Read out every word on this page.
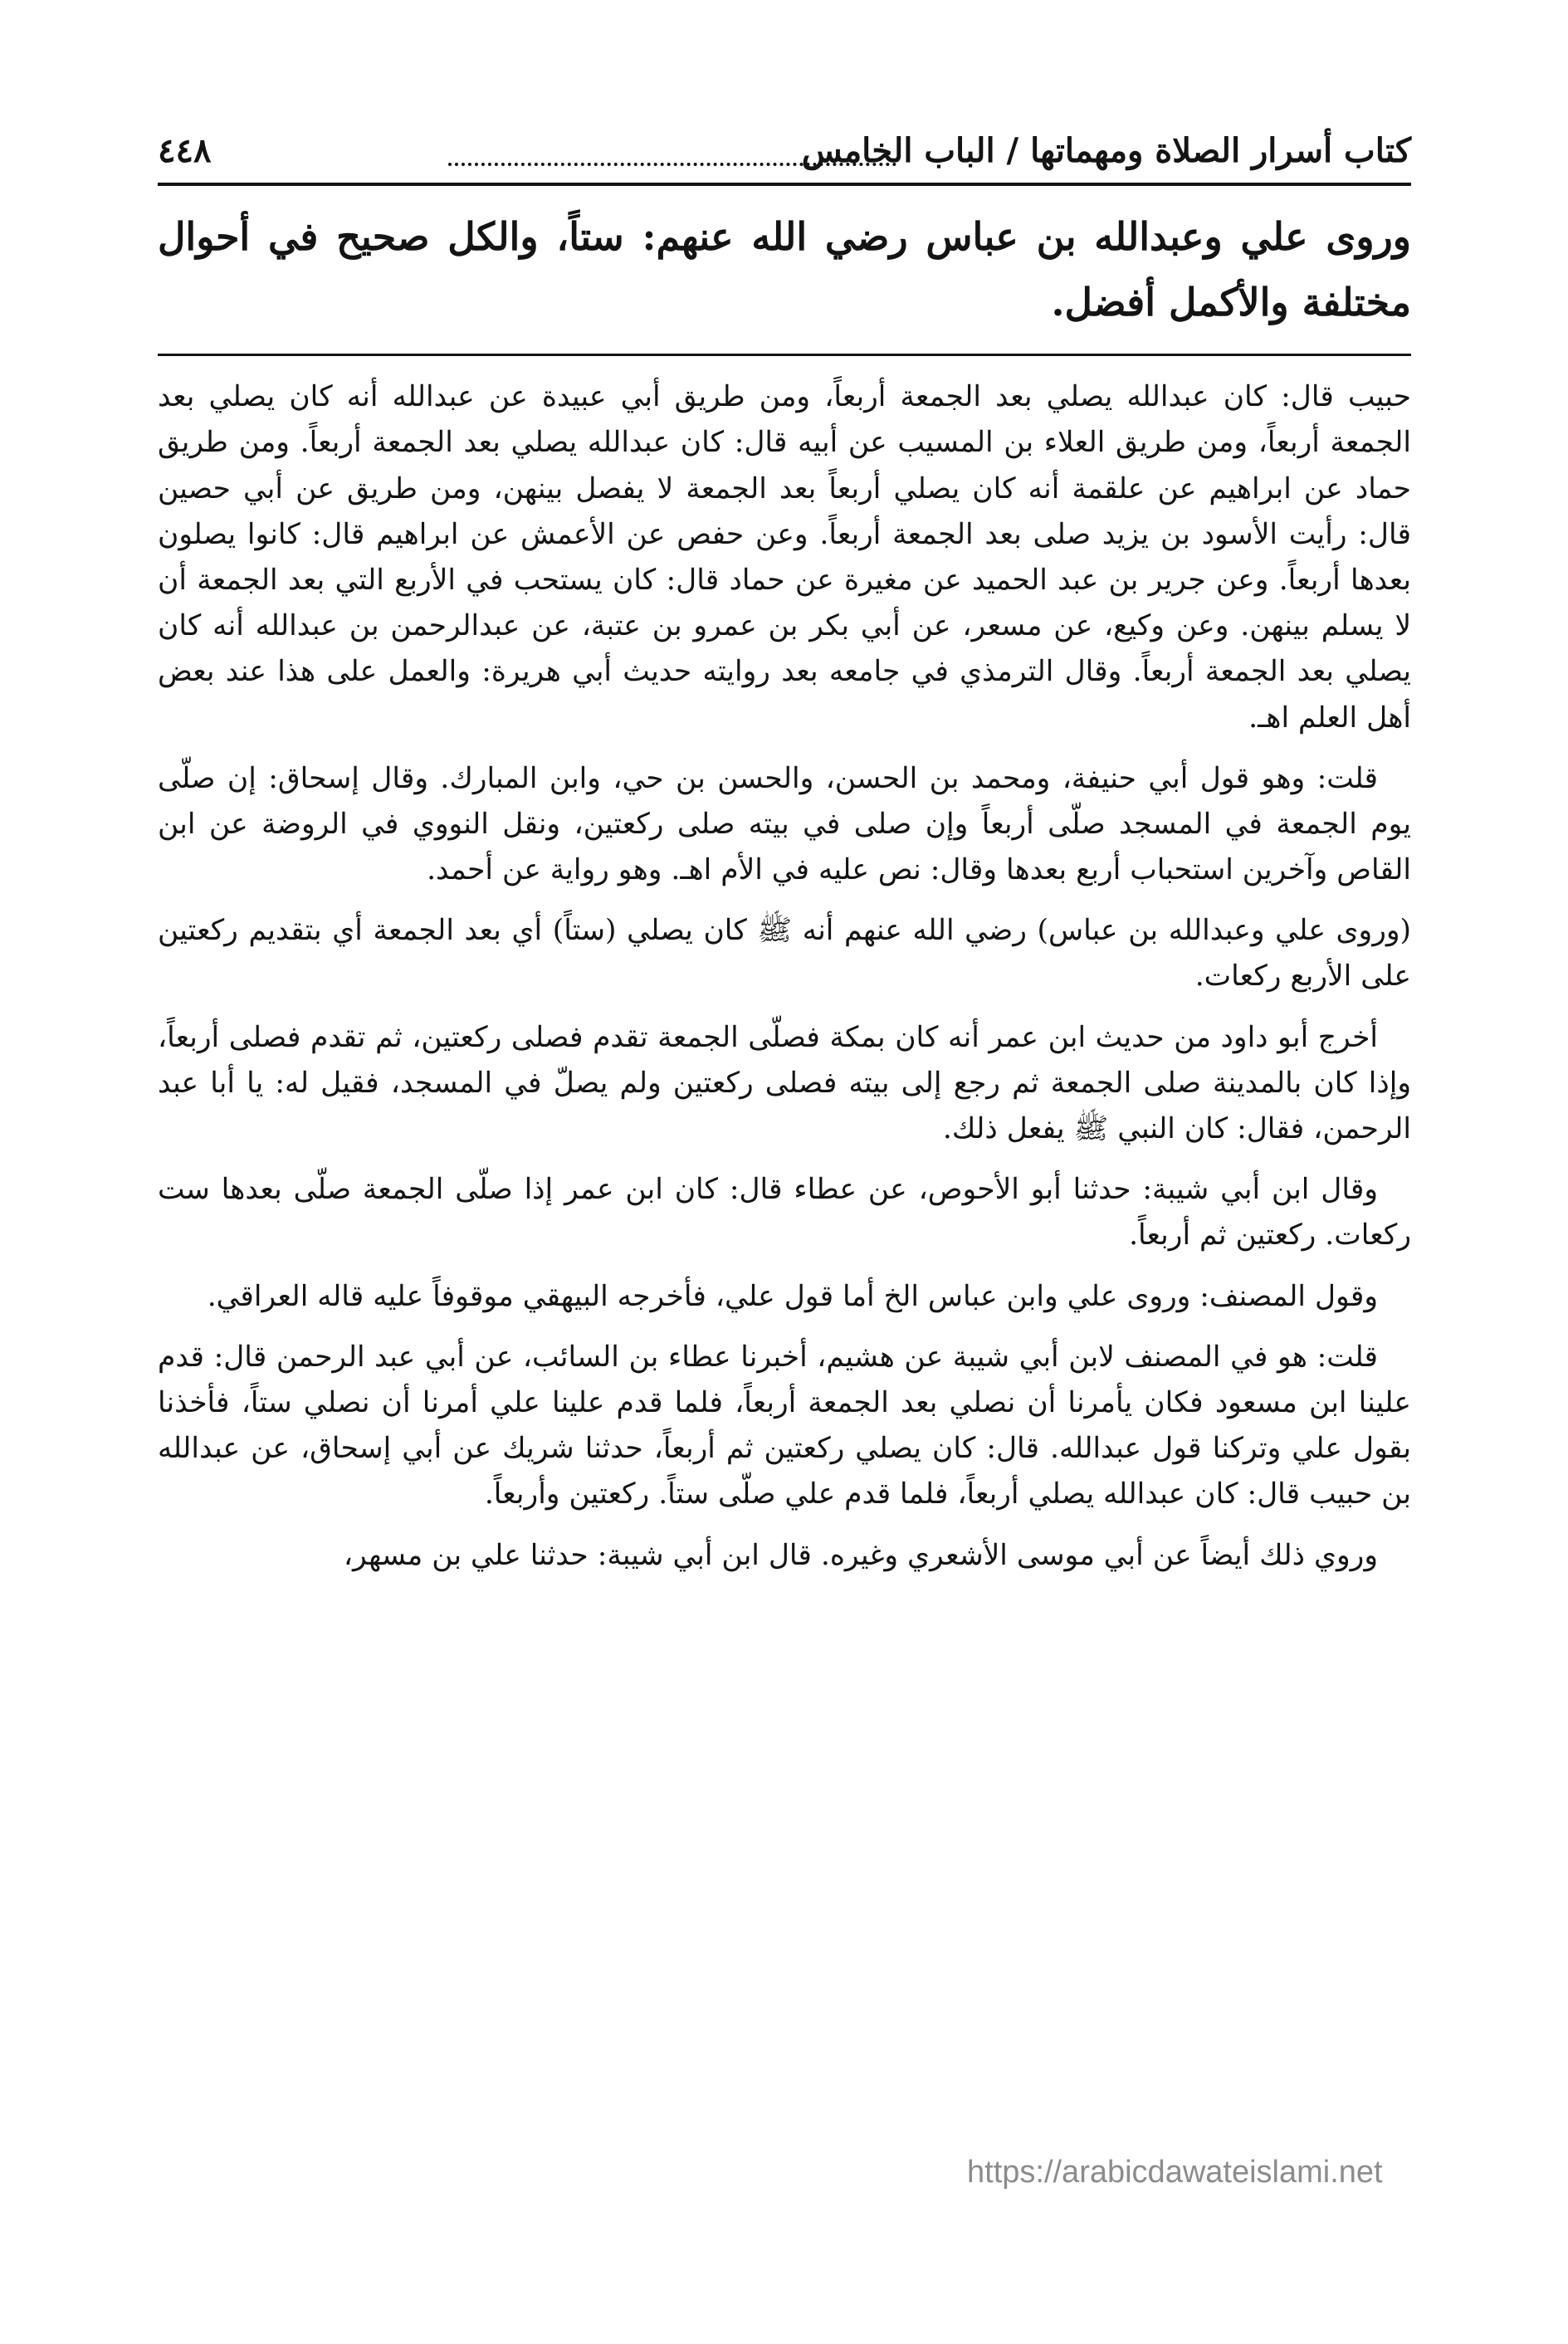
كتاب أسرار الصلاة ومهماتها / الباب الخامس
٤٤٨

وروى علي وعبدالله بن عباس رضي الله عنهم: ستاً، والكل صحيح في أحوال مختلفة والأكمل أفضل.

حبيب قال: كان عبدالله يصلي بعد الجمعة أربعاً، ومن طريق أبي عبيدة عن عبدالله أنه كان يصلي بعد الجمعة أربعاً، ومن طريق العلاء بن المسيب عن أبيه قال: كان عبدالله يصلي بعد الجمعة أربعاً. ومن طريق حماد عن ابراهيم عن علقمة أنه كان يصلي أربعاً بعد الجمعة لا يفصل بينهن، ومن طريق عن أبي حصين قال: رأيت الأسود بن يزيد صلى بعد الجمعة أربعاً. وعن حفص عن الأعمش عن ابراهيم قال: كانوا يصلون بعدها أربعاً. وعن جرير بن عبد الحميد عن مغيرة عن حماد قال: كان يستحب في الأربع التي بعد الجمعة أن لا يسلم بينهن. وعن وكيع، عن مسعر، عن أبي بكر بن عمرو بن عتبة، عن عبدالرحمن بن عبدالله أنه كان يصلي بعد الجمعة أربعاً. وقال الترمذي في جامعه بعد روايته حديث أبي هريرة: والعمل على هذا عند بعض أهل العلم اهـ.

قلت: وهو قول أبي حنيفة، ومحمد بن الحسن، والحسن بن حي، وابن المبارك. وقال إسحاق: إن صلّى يوم الجمعة في المسجد صلّى أربعاً وإن صلى في بيته صلى ركعتين، ونقل النووي في الروضة عن ابن القاص وآخرين استحباب أربع بعدها وقال: نص عليه في الأم اهـ. وهو رواية عن أحمد.

(وروى علي وعبدالله بن عباس) رضي الله عنهم أنه ﷺ كان يصلي (ستاً) أي بعد الجمعة أي بتقديم ركعتين على الأربع ركعات.

أخرج أبو داود من حديث ابن عمر أنه كان بمكة فصلّى الجمعة تقدم فصلى ركعتين، ثم تقدم فصلى أربعاً، وإذا كان بالمدينة صلى الجمعة ثم رجع إلى بيته فصلى ركعتين ولم يصلّ في المسجد، فقيل له: يا أبا عبد الرحمن، فقال: كان النبي ﷺ يفعل ذلك.

وقال ابن أبي شيبة: حدثنا أبو الأحوص، عن عطاء قال: كان ابن عمر إذا صلّى الجمعة صلّى بعدها ست ركعات. ركعتين ثم أربعاً.

وقول المصنف: وروى علي وابن عباس الخ أما قول علي، فأخرجه البيهقي موقوفاً عليه قاله العراقي.

قلت: هو في المصنف لابن أبي شيبة عن هشيم، أخبرنا عطاء بن السائب، عن أبي عبد الرحمن قال: قدم علينا ابن مسعود فكان يأمرنا أن نصلي بعد الجمعة أربعاً، فلما قدم علينا علي أمرنا أن نصلي ستاً، فأخذنا بقول علي وتركنا قول عبدالله. قال: كان يصلي ركعتين ثم أربعاً، حدثنا شريك عن أبي إسحاق، عن عبدالله بن حبيب قال: كان عبدالله يصلي أربعاً، فلما قدم علي صلّى ستاً. ركعتين وأربعاً.

وروي ذلك أيضاً عن أبي موسى الأشعري وغيره. قال ابن أبي شيبة: حدثنا علي بن مسهر،

https://arabicdawateislami.net
